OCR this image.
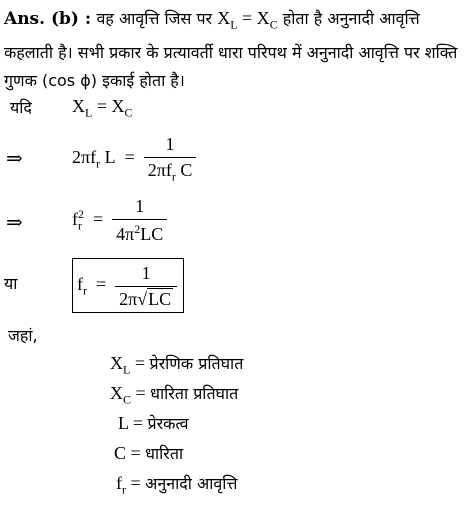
Ans. (b) : वह आवृत्ति जिस पर $X_L = X_C$ होता है अनुनादी आवृत्ति कहलाती है। सभी प्रकार के प्रत्यावर्ती धारा परिपथ में अनुनादी आवृत्ति पर शक्ति गुणक (cos ϕ) इकाई होता है।
यदि $X_L = X_C$
⇒	$2\pi f_r$ $L = \frac{1}{2\pi f_r C}$
⇒	$f_r^2 = \frac{1}{4\pi^2LC}$
या	$f_r = \frac{1}{2\pi√LC}$
जहां,
$X_L$ = प्रेरणिक प्रतिघात
$X_C$ = धारिता प्रतिघात
L = प्रेरकत्व
C = धारिता
$f_r$ = अनुनादी आवृत्ति
